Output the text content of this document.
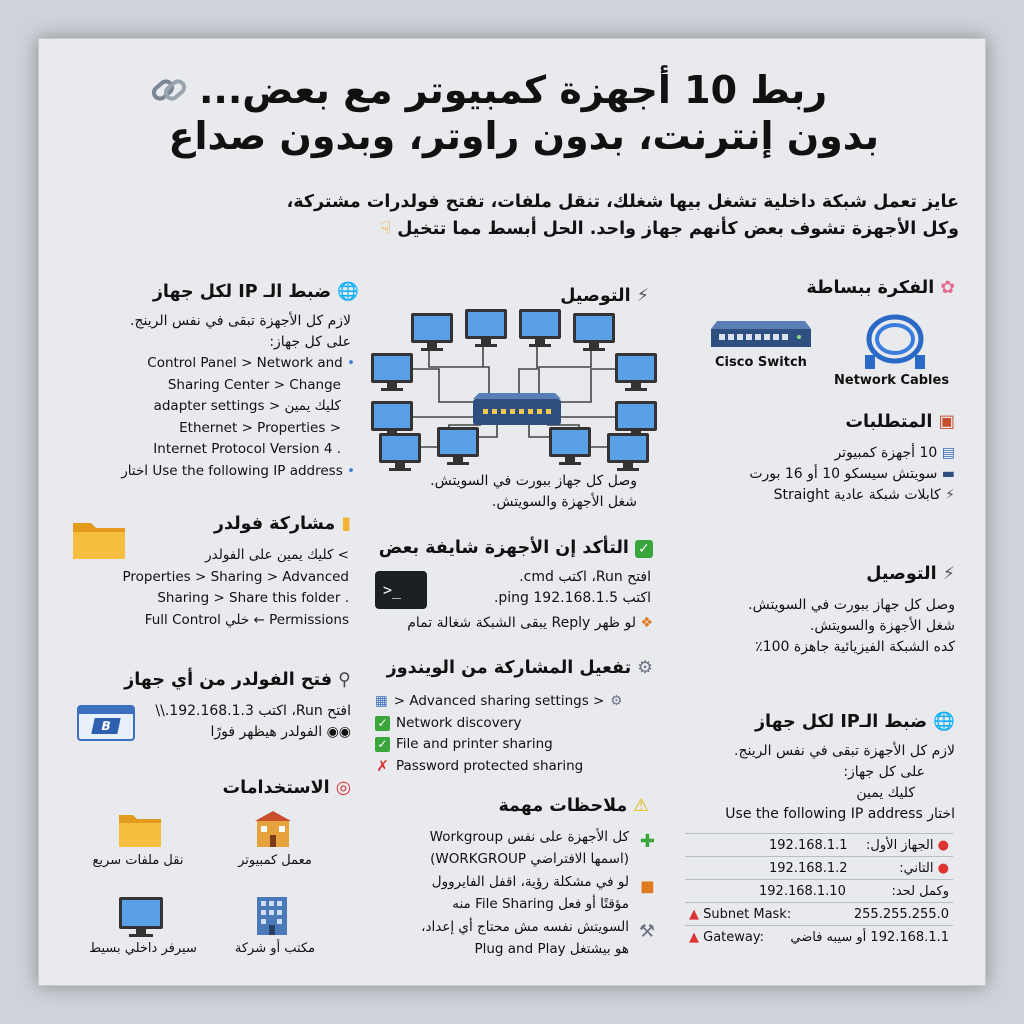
ربط 10 أجهزة كمبيوتر مع بعض...
بدون إنترنت، بدون راوتر، وبدون صداع
عايز تعمل شبكة داخلية تشغل بيها شغلك، تنقل ملفات، تفتح فولدرات مشتركة،
وكل الأجهزة تشوف بعض كأنهم جهاز واحد. الحل أبسط مما تتخيل ☟
✿ الفكرة ببساطة
Cisco Switch
Network Cables
▣ المتطلبات
▤ 10 أجهزة كمبيوتر
▬ سويتش سيسكو 10 أو 16 بورت
⚡ كابلات شبكة عادية Straight
⚡ التوصيل
وصل كل جهاز ببورت في السويتش.
شغل الأجهزة والسويتش.
كده الشبكة الفيزيائية جاهزة 100٪
🌐 ضبط الـIP لكل جهاز
لازم كل الأجهزة تبقى في نفس الرينج.
على كل جهاز:
كليك يمين
اختار Use the following IP address
192.168.1.1	● الجهاز الأول:
192.168.1.2	● التاني:
192.168.1.10	وكمل لحد:
▲ Subnet Mask: 255.255.255.0	

▲ Gateway: 192.168.1.1 أو سيبه فاضي	
⚡ التوصيل
وصل كل جهاز ببورت في السويتش.
شغل الأجهزة والسويتش.
✓ التأكد إن الأجهزة شايفة بعض
>_
افتح Run، اكتب cmd.
اكتب ping 192.168.1.5.
❖ لو ظهر Reply يبقى الشبكة شغالة تمام
⚙ تفعيل المشاركة من الويندوز
▦ > Advanced sharing settings > ⚙
✓ Network discovery
✓ File and printer sharing
✗ Password protected sharing
⚠ ملاحظات مهمة
✚
كل الأجهزة على نفس Workgroup
(اسمها الافتراضي WORKGROUP)
◼
لو في مشكلة رؤية، اقفل الفايروول
مؤقتًا أو فعل File Sharing منه
⚒
السويتش نفسه مش محتاج أي إعداد،
هو بيشتغل Plug and Play
🌐 ضبط الـ IP لكل جهاز
لازم كل الأجهزة تبقى في نفس الرينج.
على كل جهاز:
Control Panel > Network and •
Sharing Center > Change
adapter settings > كليك يمين
Ethernet > Properties >
Internet Protocol Version 4 .
اختار Use the following IP address •
▮ مشاركة فولدر
> كليك يمين على الفولدر
Properties > Sharing > Advanced
Sharing > Share this folder .
Permissions ← خلي Full Control
⚲ فتح الفولدر من أي جهاز
B
افتح Run، اكتب 192.168.1.3.\\
◉◉ الفولدر هيظهر فورًا
◎ الاستخدامات
نقل ملفات سريع	معمل كمبيوتر
سيرفر داخلي بسيط	مكتب أو شركة
